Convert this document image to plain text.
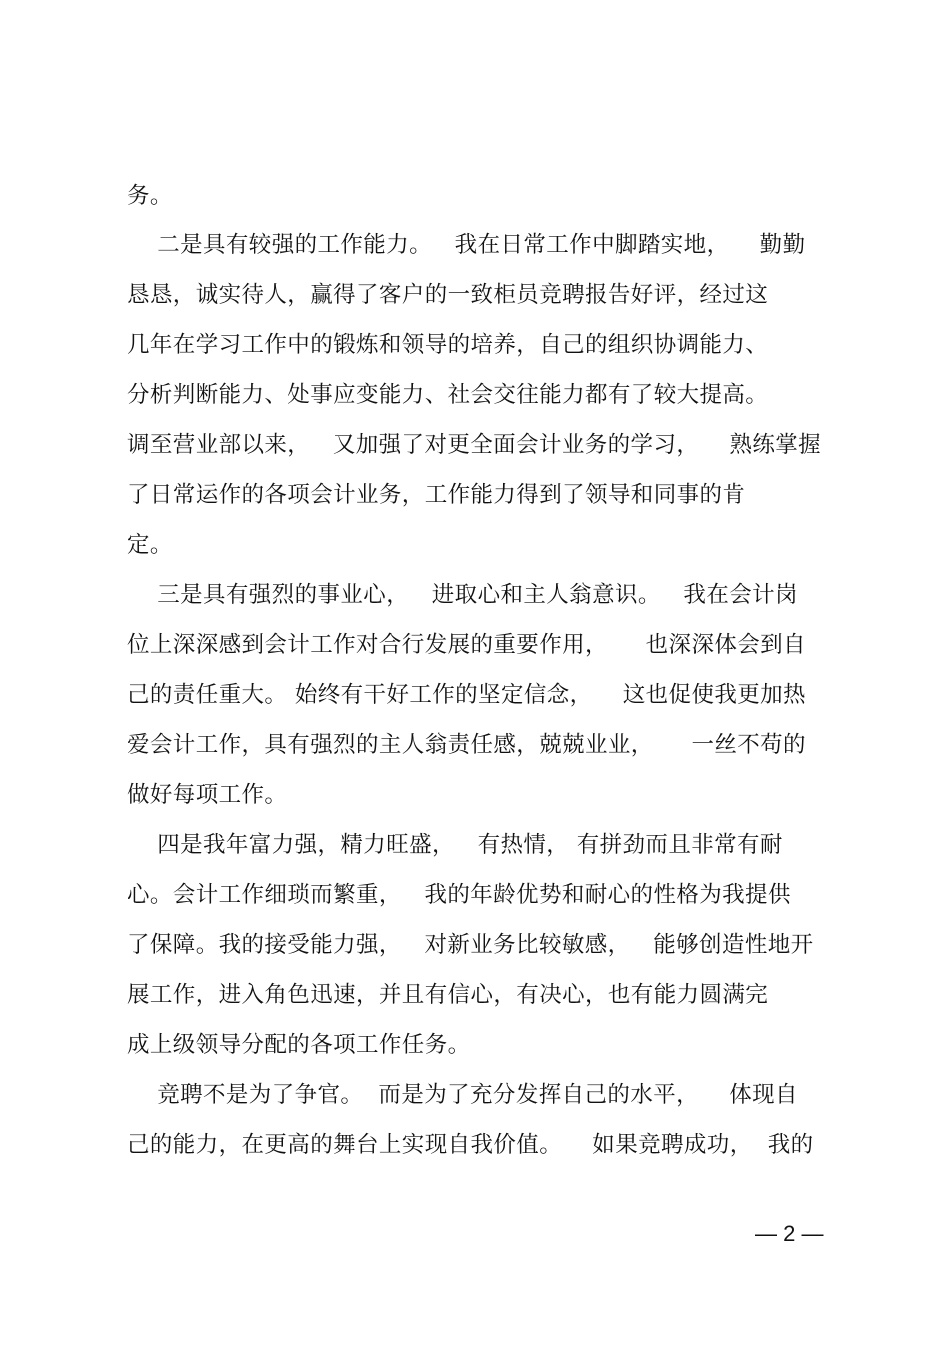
务。
二是具有较强的工作能力。   我在日常工作中脚踏实地，    勤勤
恳恳，诚实待人，赢得了客户的一致柜员竞聘报告好评，经过这
几年在学习工作中的锻炼和领导的培养，自己的组织协调能力、
分析判断能力、处事应变能力、社会交往能力都有了较大提高。
调至营业部以来，   又加强了对更全面会计业务的学习，    熟练掌握
了日常运作的各项会计业务，工作能力得到了领导和同事的肯
定。
三是具有强烈的事业心，   进取心和主人翁意识。   我在会计岗
位上深深感到会计工作对合行发展的重要作用，     也深深体会到自
己的责任重大。 始终有干好工作的坚定信念，    这也促使我更加热
爱会计工作，具有强烈的主人翁责任感，兢兢业业，     一丝不苟的
做好每项工作。
四是我年富力强，精力旺盛，   有热情， 有拼劲而且非常有耐
心。会计工作细琐而繁重，   我的年龄优势和耐心的性格为我提供
了保障。我的接受能力强，   对新业务比较敏感，   能够创造性地开
展工作，进入角色迅速，并且有信心，有决心，也有能力圆满完
成上级领导分配的各项工作任务。
竞聘不是为了争官。  而是为了充分发挥自己的水平，    体现自
己的能力，在更高的舞台上实现自我价值。    如果竞聘成功，  我的
— 2 —
